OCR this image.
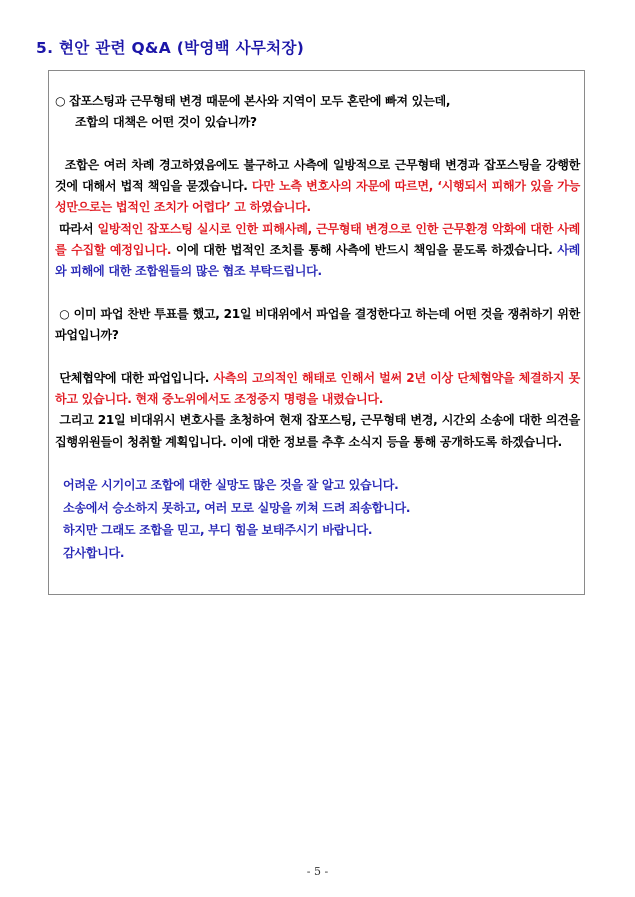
5. 현안 관련 Q&A (박영백 사무처장)

○ 잡포스팅과 근무형태 변경 때문에 본사와 지역이 모두 혼란에 빠져 있는데,
조합의 대책은 어떤 것이 있습니까?

조합은 여러 차례 경고하였음에도 불구하고 사측에 일방적으로 근무형태 변경과 잡포스팅을 강행한 것에 대해서 법적 책임을 묻겠습니다. 다만 노측 변호사의 자문에 따르면, ‘시행되서 피해가 있을 가능성만으로는 법적인 조치가 어렵다’ 고 하였습니다.

따라서 일방적인 잡포스팅 실시로 인한 피해사례, 근무형태 변경으로 인한 근무환경 악화에 대한 사례를 수집할 예정입니다. 이에 대한 법적인 조치를 통해 사측에 반드시 책임을 묻도록 하겠습니다. 사례와 피해에 대한 조합원들의 많은 협조 부탁드립니다.

○ 이미 파업 찬반 투표를 했고, 21일 비대위에서 파업을 결정한다고 하는데 어떤 것을 쟁취하기 위한 파업입니까?

단체협약에 대한 파업입니다. 사측의 고의적인 해태로 인해서 벌써 2년 이상 단체협약을 체결하지 못하고 있습니다. 현재 중노위에서도 조정중지 명령을 내렸습니다.

그리고 21일 비대위시 변호사를 초청하여 현재 잡포스팅, 근무형태 변경, 시간외 소송에 대한 의견을 집행위원들이 청취할 계획입니다. 이에 대한 정보를 추후 소식지 등을 통해 공개하도록 하겠습니다.

어려운 시기이고 조합에 대한 실망도 많은 것을 잘 알고 있습니다.

소송에서 승소하지 못하고, 여러 모로 실망을 끼쳐 드려 죄송합니다.

하지만 그래도 조합을 믿고, 부디 힘을 보태주시기 바랍니다.

감사합니다.

- 5 -
